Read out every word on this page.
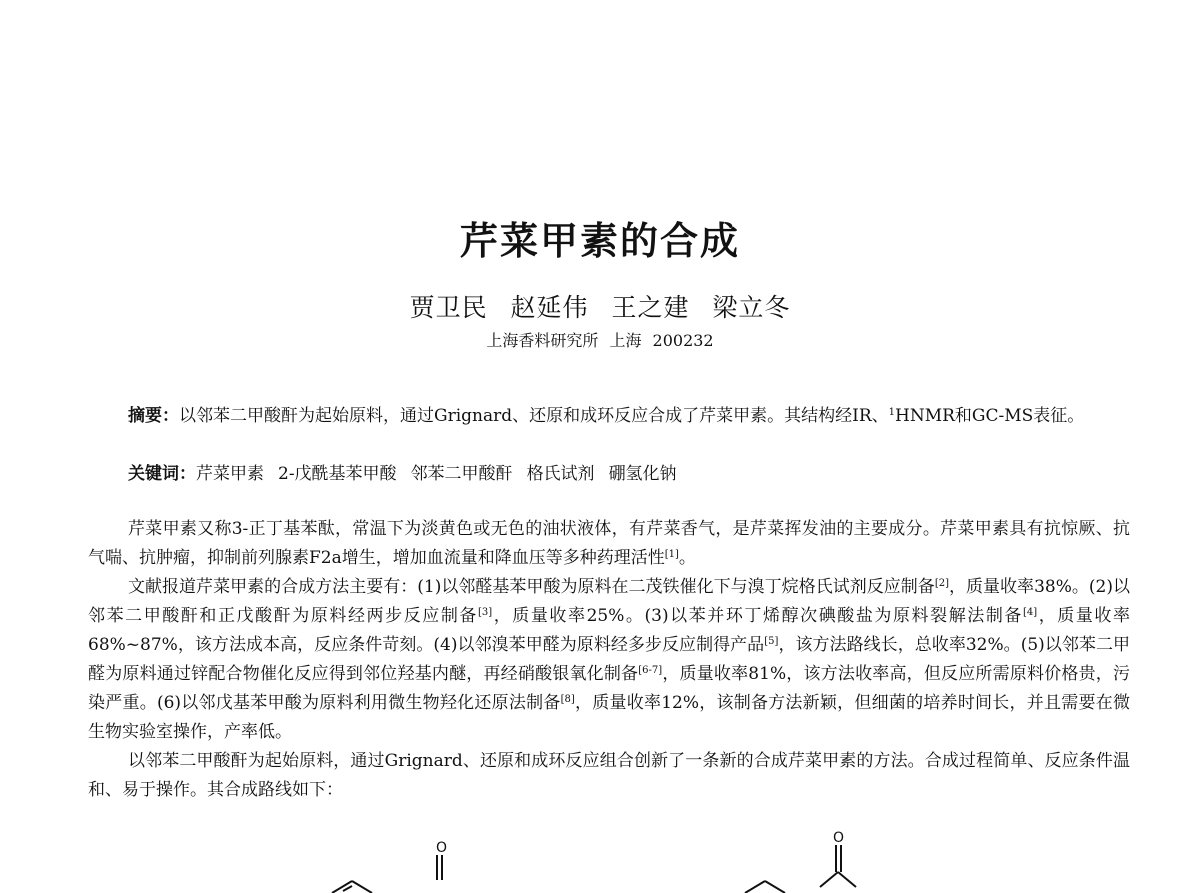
芹菜甲素的合成
贾卫民 赵延伟 王之建 梁立冬
上海香料研究所 上海 200232
摘要：以邻苯二甲酸酐为起始原料，通过Grignard、还原和成环反应合成了芹菜甲素。其结构经IR、$^1$HNMR和GC-MS表征。
关键词：芹菜甲素 2-戊酰基苯甲酸 邻苯二甲酸酐 格氏试剂 硼氢化钠

芹菜甲素又称3-正丁基苯酞，常温下为淡黄色或无色的油状液体，有芹菜香气，是芹菜挥发油的主要成分。芹菜甲素具有抗惊厥、抗气喘、抗肿瘤，抑制前列腺素F2a增生，增加血流量和降血压等多种药理活性[1]。

文献报道芹菜甲素的合成方法主要有：(1)以邻醛基苯甲酸为原料在二茂铁催化下与溴丁烷格氏试剂反应制备[2]，质量收率38%。(2)以邻苯二甲酸酐和正戊酸酐为原料经两步反应制备[3]，质量收率25%。(3)以苯并环丁烯醇次碘酸盐为原料裂解法制备[4]，质量收率68%~87%，该方法成本高，反应条件苛刻。(4)以邻溴苯甲醛为原料经多步反应制得产品[5]，该方法路线长，总收率32%。(5)以邻苯二甲醛为原料通过锌配合物催化反应得到邻位羟基内醚，再经硝酸银氧化制备[6-7]，质量收率81%，该方法收率高，但反应所需原料价格贵，污染严重。(6)以邻戊基苯甲酸为原料利用微生物羟化还原法制备[8]，质量收率12%，该制备方法新颖，但细菌的培养时间长，并且需要在微生物实验室操作，产率低。

以邻苯二甲酸酐为起始原料，通过Grignard、还原和成环反应组合创新了一条新的合成芹菜甲素的方法。合成过程简单、反应条件温和、易于操作。其合成路线如下：

O
O
